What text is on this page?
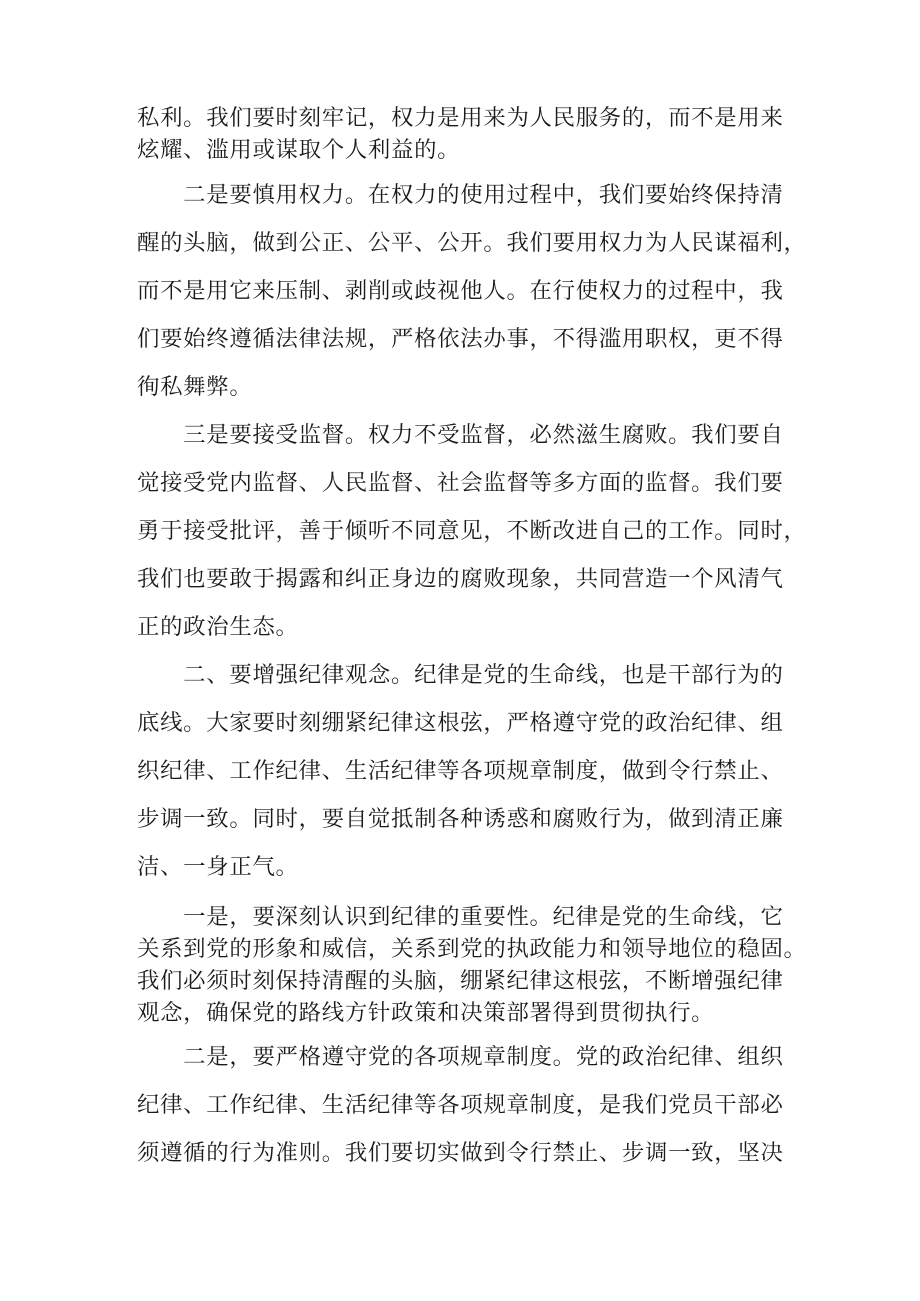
私利。我们要时刻牢记，权力是用来为人民服务的，而不是用来
炫耀、滥用或谋取个人利益的。
　　二是要慎用权力。在权力的使用过程中，我们要始终保持清
醒的头脑，做到公正、公平、公开。我们要用权力为人民谋福利，
而不是用它来压制、剥削或歧视他人。在行使权力的过程中，我
们要始终遵循法律法规，严格依法办事，不得滥用职权，更不得
徇私舞弊。
　　三是要接受监督。权力不受监督，必然滋生腐败。我们要自
觉接受党内监督、人民监督、社会监督等多方面的监督。我们要
勇于接受批评，善于倾听不同意见，不断改进自己的工作。同时，
我们也要敢于揭露和纠正身边的腐败现象，共同营造一个风清气
正的政治生态。
　　二、要增强纪律观念。纪律是党的生命线，也是干部行为的
底线。大家要时刻绷紧纪律这根弦，严格遵守党的政治纪律、组
织纪律、工作纪律、生活纪律等各项规章制度，做到令行禁止、
步调一致。同时，要自觉抵制各种诱惑和腐败行为，做到清正廉
洁、一身正气。
　　一是，要深刻认识到纪律的重要性。纪律是党的生命线，它
关系到党的形象和威信，关系到党的执政能力和领导地位的稳固。
我们必须时刻保持清醒的头脑，绷紧纪律这根弦，不断增强纪律
观念，确保党的路线方针政策和决策部署得到贯彻执行。
　　二是，要严格遵守党的各项规章制度。党的政治纪律、组织
纪律、工作纪律、生活纪律等各项规章制度，是我们党员干部必
须遵循的行为准则。我们要切实做到令行禁止、步调一致，坚决
